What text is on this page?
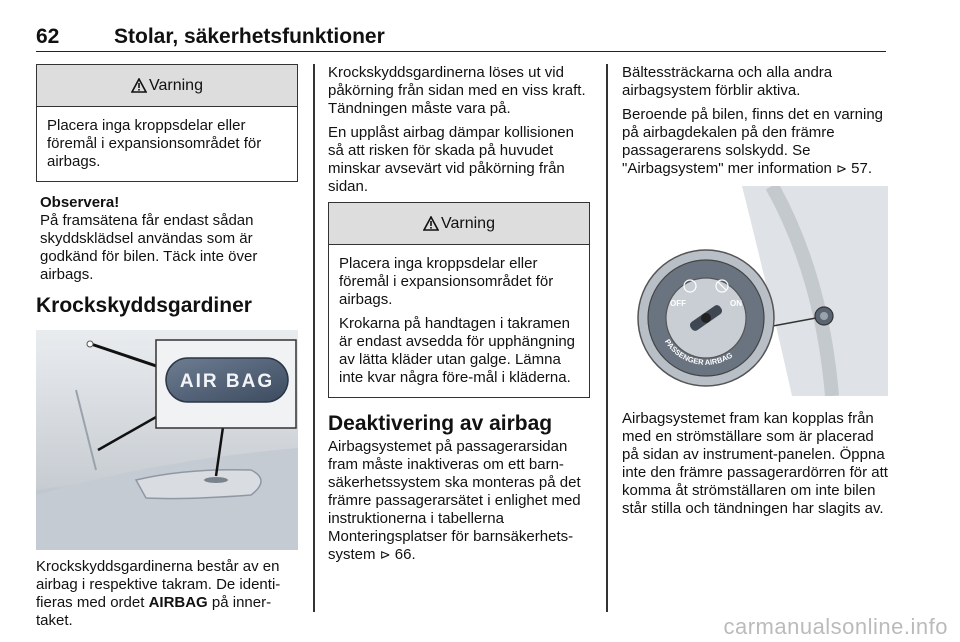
62	Stolar, säkerhetsfunktioner
Varning

Placera inga kroppsdelar eller föremål i expansionsområdet för airbags.

Observera!
På framsätena får endast sådan skyddsklädsel användas som är godkänd för bilen. Täck inte över airbags.
Krockskyddsgardiner
AIR BAG

Krockskyddsgardinerna består av en airbag i respektive takram. De identi-fieras med ordet AIRBAG på inner-taket.

Krockskyddsgardinerna löses ut vid påkörning från sidan med en viss kraft. Tändningen måste vara på.

En upplåst airbag dämpar kollisionen så att risken för skada på huvudet minskar avsevärt vid påkörning från sidan.

Varning

Placera inga kroppsdelar eller föremål i expansionsområdet för airbags.

Krokarna på handtagen i takramen är endast avsedda för upphängning av lätta kläder utan galge. Lämna inte kvar några före-mål i kläderna.

Deaktivering av airbag

Airbagsystemet på passagerarsidan fram måste inaktiveras om ett barn-säkerhetssystem ska monteras på det främre passagerarsätet i enlighet med instruktionerna i tabellerna Monteringsplatser för barnsäkerhets-system ⊳ 66.

Bältessträckarna och alla andra airbagsystem förblir aktiva.

Beroende på bilen, finns det en varning på airbagdekalen på den främre passagerarens solskydd. Se "Airbagsystem" mer information ⊳ 57.

OFF	ON
PASSENGER AIRBAG

Airbagsystemet fram kan kopplas från med en strömställare som är placerad på sidan av instrument-panelen. Öppna inte den främre passagerardörren för att komma åt strömställaren om inte bilen står stilla och tändningen har slagits av.

carmanualsonline.info
